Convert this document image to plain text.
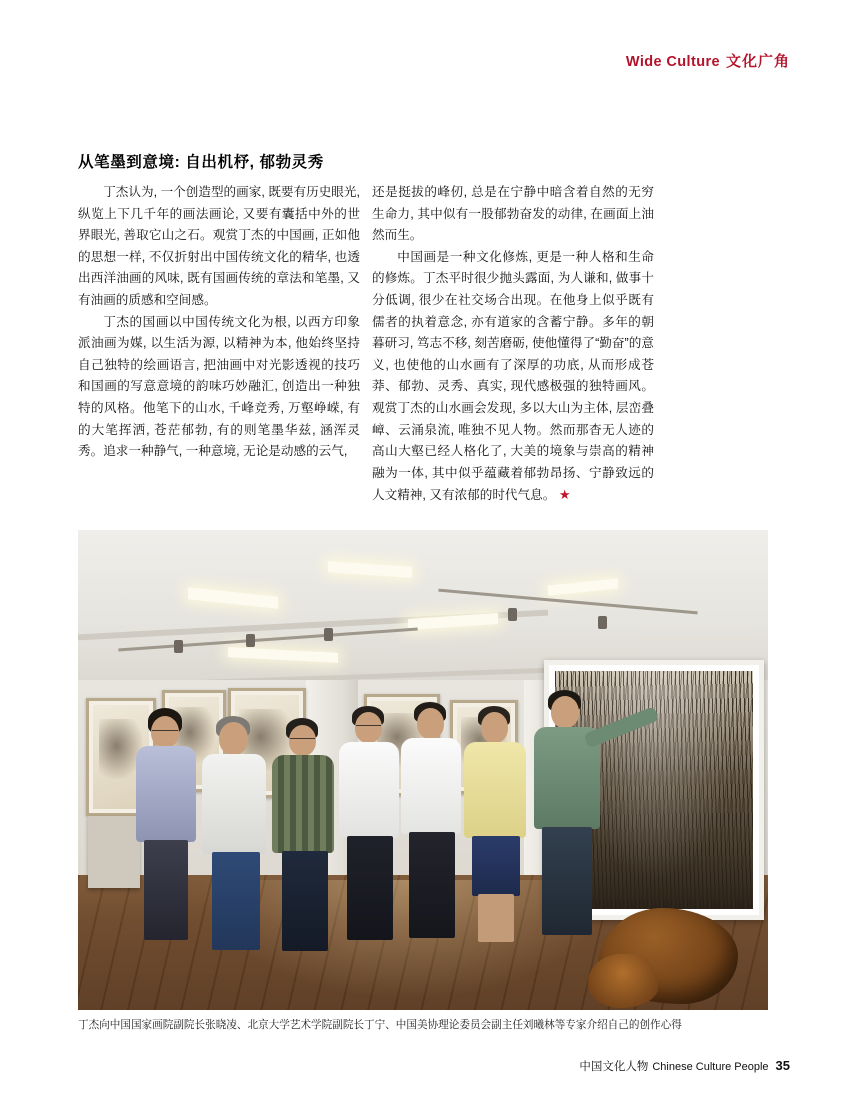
Wide Culture 文化广角
从笔墨到意境: 自出机杼, 郁勃灵秀

丁杰认为, 一个创造型的画家, 既要有历史眼光, 纵览上下几千年的画法画论, 又要有囊括中外的世界眼光, 善取它山之石。观赏丁杰的中国画, 正如他的思想一样, 不仅折射出中国传统文化的精华, 也透出西洋油画的风味, 既有国画传统的章法和笔墨, 又有油画的质感和空间感。

丁杰的国画以中国传统文化为根, 以西方印象派油画为媒, 以生活为源, 以精神为本, 他始终坚持自己独特的绘画语言, 把油画中对光影透视的技巧和国画的写意意境的韵味巧妙融汇, 创造出一种独特的风格。他笔下的山水, 千峰竞秀, 万壑峥嵘, 有的大笔挥洒, 苍茫郁勃, 有的则笔墨华兹, 涵浑灵秀。追求一种静气, 一种意境, 无论是动感的云气,

还是挺拔的峰仞, 总是在宁静中暗含着自然的无穷生命力, 其中似有一股郁勃奋发的动律, 在画面上油然而生。

中国画是一种文化修炼, 更是一种人格和生命的修炼。丁杰平时很少抛头露面, 为人谦和, 做事十分低调, 很少在社交场合出现。在他身上似乎既有儒者的执着意念, 亦有道家的含蓄宁静。多年的朝暮研习, 笃志不移, 刻苦磨砺, 使他懂得了“勤奋”的意义, 也使他的山水画有了深厚的功底, 从而形成苍莽、郁勃、灵秀、真实, 现代感极强的独特画风。观赏丁杰的山水画会发现, 多以大山为主体, 层峦叠嶂、云涌泉流, 唯独不见人物。然而那杳无人迹的高山大壑已经人格化了, 大美的境象与崇高的精神融为一体, 其中似乎蕴藏着郁勃昂扬、宁静致远的人文精神, 又有浓郁的时代气息。 ★

丁杰向中国国家画院副院长张晓凌、北京大学艺术学院副院长丁宁、中国美协理论委员会副主任刘曦林等专家介绍自己的创作心得
中国文化人物 Chinese Culture People 35
